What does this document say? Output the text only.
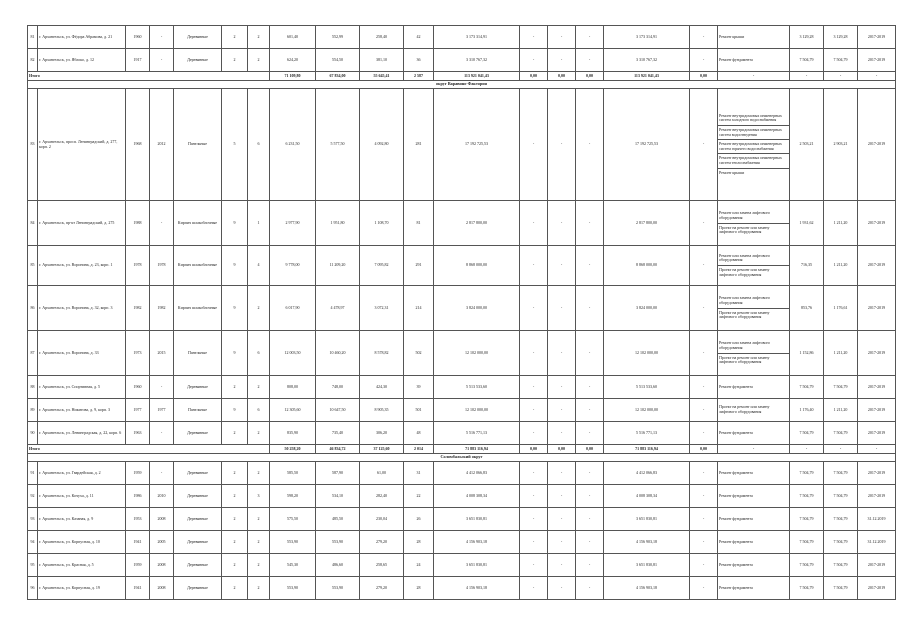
81	г. Архангельск, ул. Фёдора Абрамова, д. 21	1960	-	Деревянные	2	2	601,40	552,99	258,40	42	3 173 314,91	-	-	-	3 173 314,91	-	Ремонт крыши	3 129,28	3 129,28	2017-2019
82	г. Архангельск, ул. Яблоко, д. 12	1917	-	Деревянные	2	2	624,20	554,50	381,10	36	3 310 767,32	-	-	-	3 310 767,32	-	Ремонт фундамента	7 504,79	7 504,79	2017-2019
Итого							71 109,80	67 834,00	55 645,41	2 587	113 921 041,43	0,00	0,00	0,00	113 921 041,43	0,00	-	-	-	-
округ Варавино-Фактория																				
83	г. Архангельск, просп. Ленинградский, д. 277, корп. 2	1968	2012	Панельные	5	6	6 231,50	5 577,50	4 092,80	281	17 192 725,53	-	-	-	17 192 725,53	-	Ремонт внутридомовых инженерных систем холодного водоснабжения
Ремонт внутридомовых инженерных систем водоотведения
Ремонт внутридомовых инженерных систем горячего водоснабжения
Ремонт внутридомовых инженерных систем теплоснабжения
Ремонт крыши	2 503,21	2 903,21	2017-2019
84	г. Архангельск, пр-кт Ленинградский, д. 275	1988	-	Кирпич шлакоблочные	9	1	2 977,90	1 951,80	1 108,70	81	2 817 800,00	-	-	-	2 817 800,00	-	Ремонт или замена лифтового оборудования
Проект на ремонт или замену лифтового оборудования	1 931,62	1 211,20	2017-2019
85	г. Архангельск, ул. Воронина, д. 23, корп. 1	1978	1978	Кирпич шлакоблочные	9	4	9 778,00	11 209,20	7 095,82	291	8 868 000,00	-	-	-	8 868 000,00	-	Ремонт или замена лифтового оборудования
Проект на ремонт или замену лифтового оборудования	716,35	1 211,20	2017-2019
86	г. Архангельск, ул. Воронина, д. 32, корп. 3	1982	1982	Кирпич шлакоблочные	9	2	6 017,90	4 478,97	3 072,31	214	3 824 000,00	-	-	-	3 824 000,00	-	Ремонт или замена лифтового оборудования
Проект на ремонт или замену лифтового оборудования	853,76	1 176,61	2017-2019
87	г. Архангельск, ул. Воронина, д. 33	1973	2015	Панельные	9	6	12 003,50	10 460,20	8 578,82	502	12 102 000,00	-	-	-	12 102 000,00	-	Ремонт или замена лифтового оборудования
Проект на ремонт или замену лифтового оборудования	1 152,86	1 211,20	2017-2019
88	г. Архангельск, ул. Спортивная, д. 5	1960	-	Деревянные	2	2	808,00	748,00	424,30	39	5 513 533,60	-	-	-	5 513 533,60	-	Ремонт фундамента	7 504,79	7 504,79	2017-2019
89	г. Архангельск, ул. Никитова, д. 9, корп. 3	1977	1977	Панельные	9	6	12 305,60	10 647,50	8 905,35	501	12 102 000,00	-	-	-	12 102 000,00	-	Проект на ремонт или замену лифтового оборудования	1 176,40	1 211,20	2017-2019
90	г. Архангельск, ул. Ленинградская, д. 22, корп. 6	1963	-	Деревянные	2	2	835,90	735,40	306,20	48	5 516 771,13	-	-	-	5 516 771,13	-	Ремонт фундамента	7 504,79	7 504,79	2017-2019
Итого							50 258,20	46 834,72	37 125,60	2 014	71 883 116,94	0,00	0,00	0,00	71 883 116,94	0,00	-	-	-	-
Соломбальский округ																				
91	г. Архангельск, ул. Гвардейская, д. 2	1959	-	Деревянные	2	2	585,50	587,90	61,00	31	4 412 066,83	-	-	-	4 412 066,83	-	Ремонт фундамента	7 504,79	7 504,79	2017-2019
92	г. Архангельск, ул. Кочуха, д. 11	1986	2010	Деревянные	2	3	598,20	534,10	282,40	22	4 008 308,34	-	-	-	4 008 308,34	-	Ремонт фундамента	7 504,79	7 504,79	2017-2019
93	г. Архангельск, ул. Казаная, д. 9	1953	2008	Деревянные	2	2	575,50	485,50	230,04	26	3 651 830,81	-	-	-	3 651 830,81	-	Ремонт фундамента	7 504,79	7 504,79	31.12.2019
94	г. Архангельск, ул. Корпусная, д. 10	1941	2005	Деревянные	2	2	553,90	553,90	279,20	28	4 156 903,18	-	-	-	4 156 903,18	-	Ремонт фундамента	7 504,79	7 504,79	31.12.2019
95	г. Архангельск, ул. Красная, д. 5	1959	2008	Деревянные	2	2	545,30	486,60	258,65	24	3 651 830,81	-	-	-	3 651 830,81	-	Ремонт фундамента	7 504,79	7 504,79	2017-2019
96	г. Архангельск, ул. Корпусная, д. 19	1941	2008	Деревянные	2	2	553,90	553,90	279,20	28	4 156 903,18	-	-	-	4 156 903,18	-	Ремонт фундамента	7 504,79	7 504,79	2017-2019
